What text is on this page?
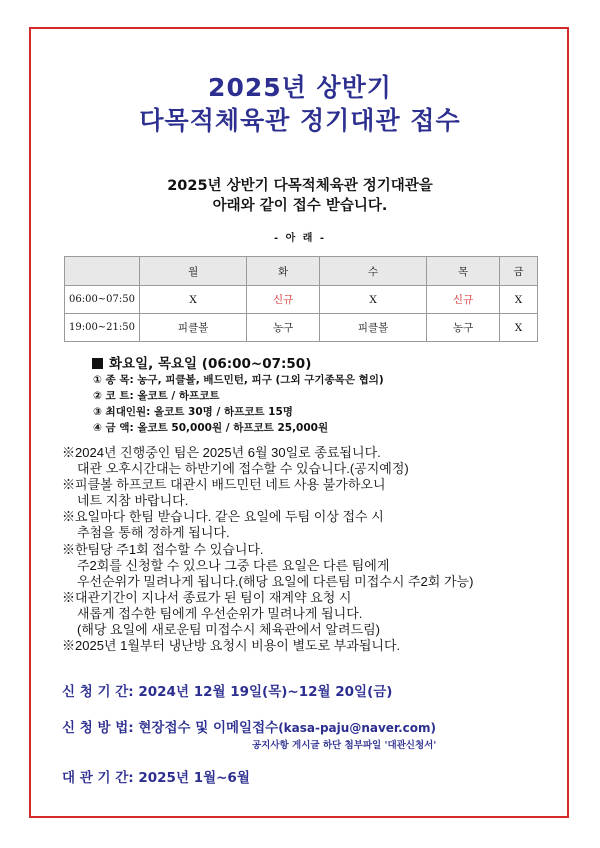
2025년 상반기
다목적체육관 정기대관 접수
2025년 상반기 다목적체육관 정기대관을
아래와 같이 접수 받습니다.
- 아 래 -
	월	화	수	목	금
06:00~07:50	X	신규	X	신규	X
19:00~21:50	피클볼	농구	피클볼	농구	X
화요일, 목요일 (06:00~07:50)
① 종 목: 농구, 피클볼, 배드민턴, 피구 (그외 구기종목은 협의)
② 코 트: 올코트 / 하프코트
③ 최대인원: 올코트 30명 / 하프코트 15명
④ 금 액: 올코트 50,000원 / 하프코트 25,000원
※2024년 진행중인 팀은 2025년 6월 30일로 종료됩니다.
대관 오후시간대는 하반기에 접수할 수 있습니다.(공지예정)
※피클볼 하프코트 대관시 배드민턴 네트 사용 불가하오니
네트 지참 바랍니다.
※요일마다 한팀 받습니다. 같은 요일에 두팀 이상 접수 시
추첨을 통해 정하게 됩니다.
※한팀당 주1회 접수할 수 있습니다.
주2회를 신청할 수 있으나 그중 다른 요일은 다른 팀에게
우선순위가 밀려나게 됩니다.(해당 요일에 다른팀 미접수시 주2회 가능)
※대관기간이 지나서 종료가 된 팀이 재계약 요청 시
새롭게 접수한 팀에게 우선순위가 밀려나게 됩니다.
(해당 요일에 새로운팀 미접수시 체육관에서 알려드림)
※2025년 1월부터 냉난방 요청시 비용이 별도로 부과됩니다.
신 청 기 간: 2024년 12월 19일(목)~12월 20일(금)
신 청 방 법: 현장접수 및 이메일접수(kasa-paju@naver.com)
공지사항 게시글 하단 첨부파일 '대관신청서'
대 관 기 간: 2025년 1월~6월
